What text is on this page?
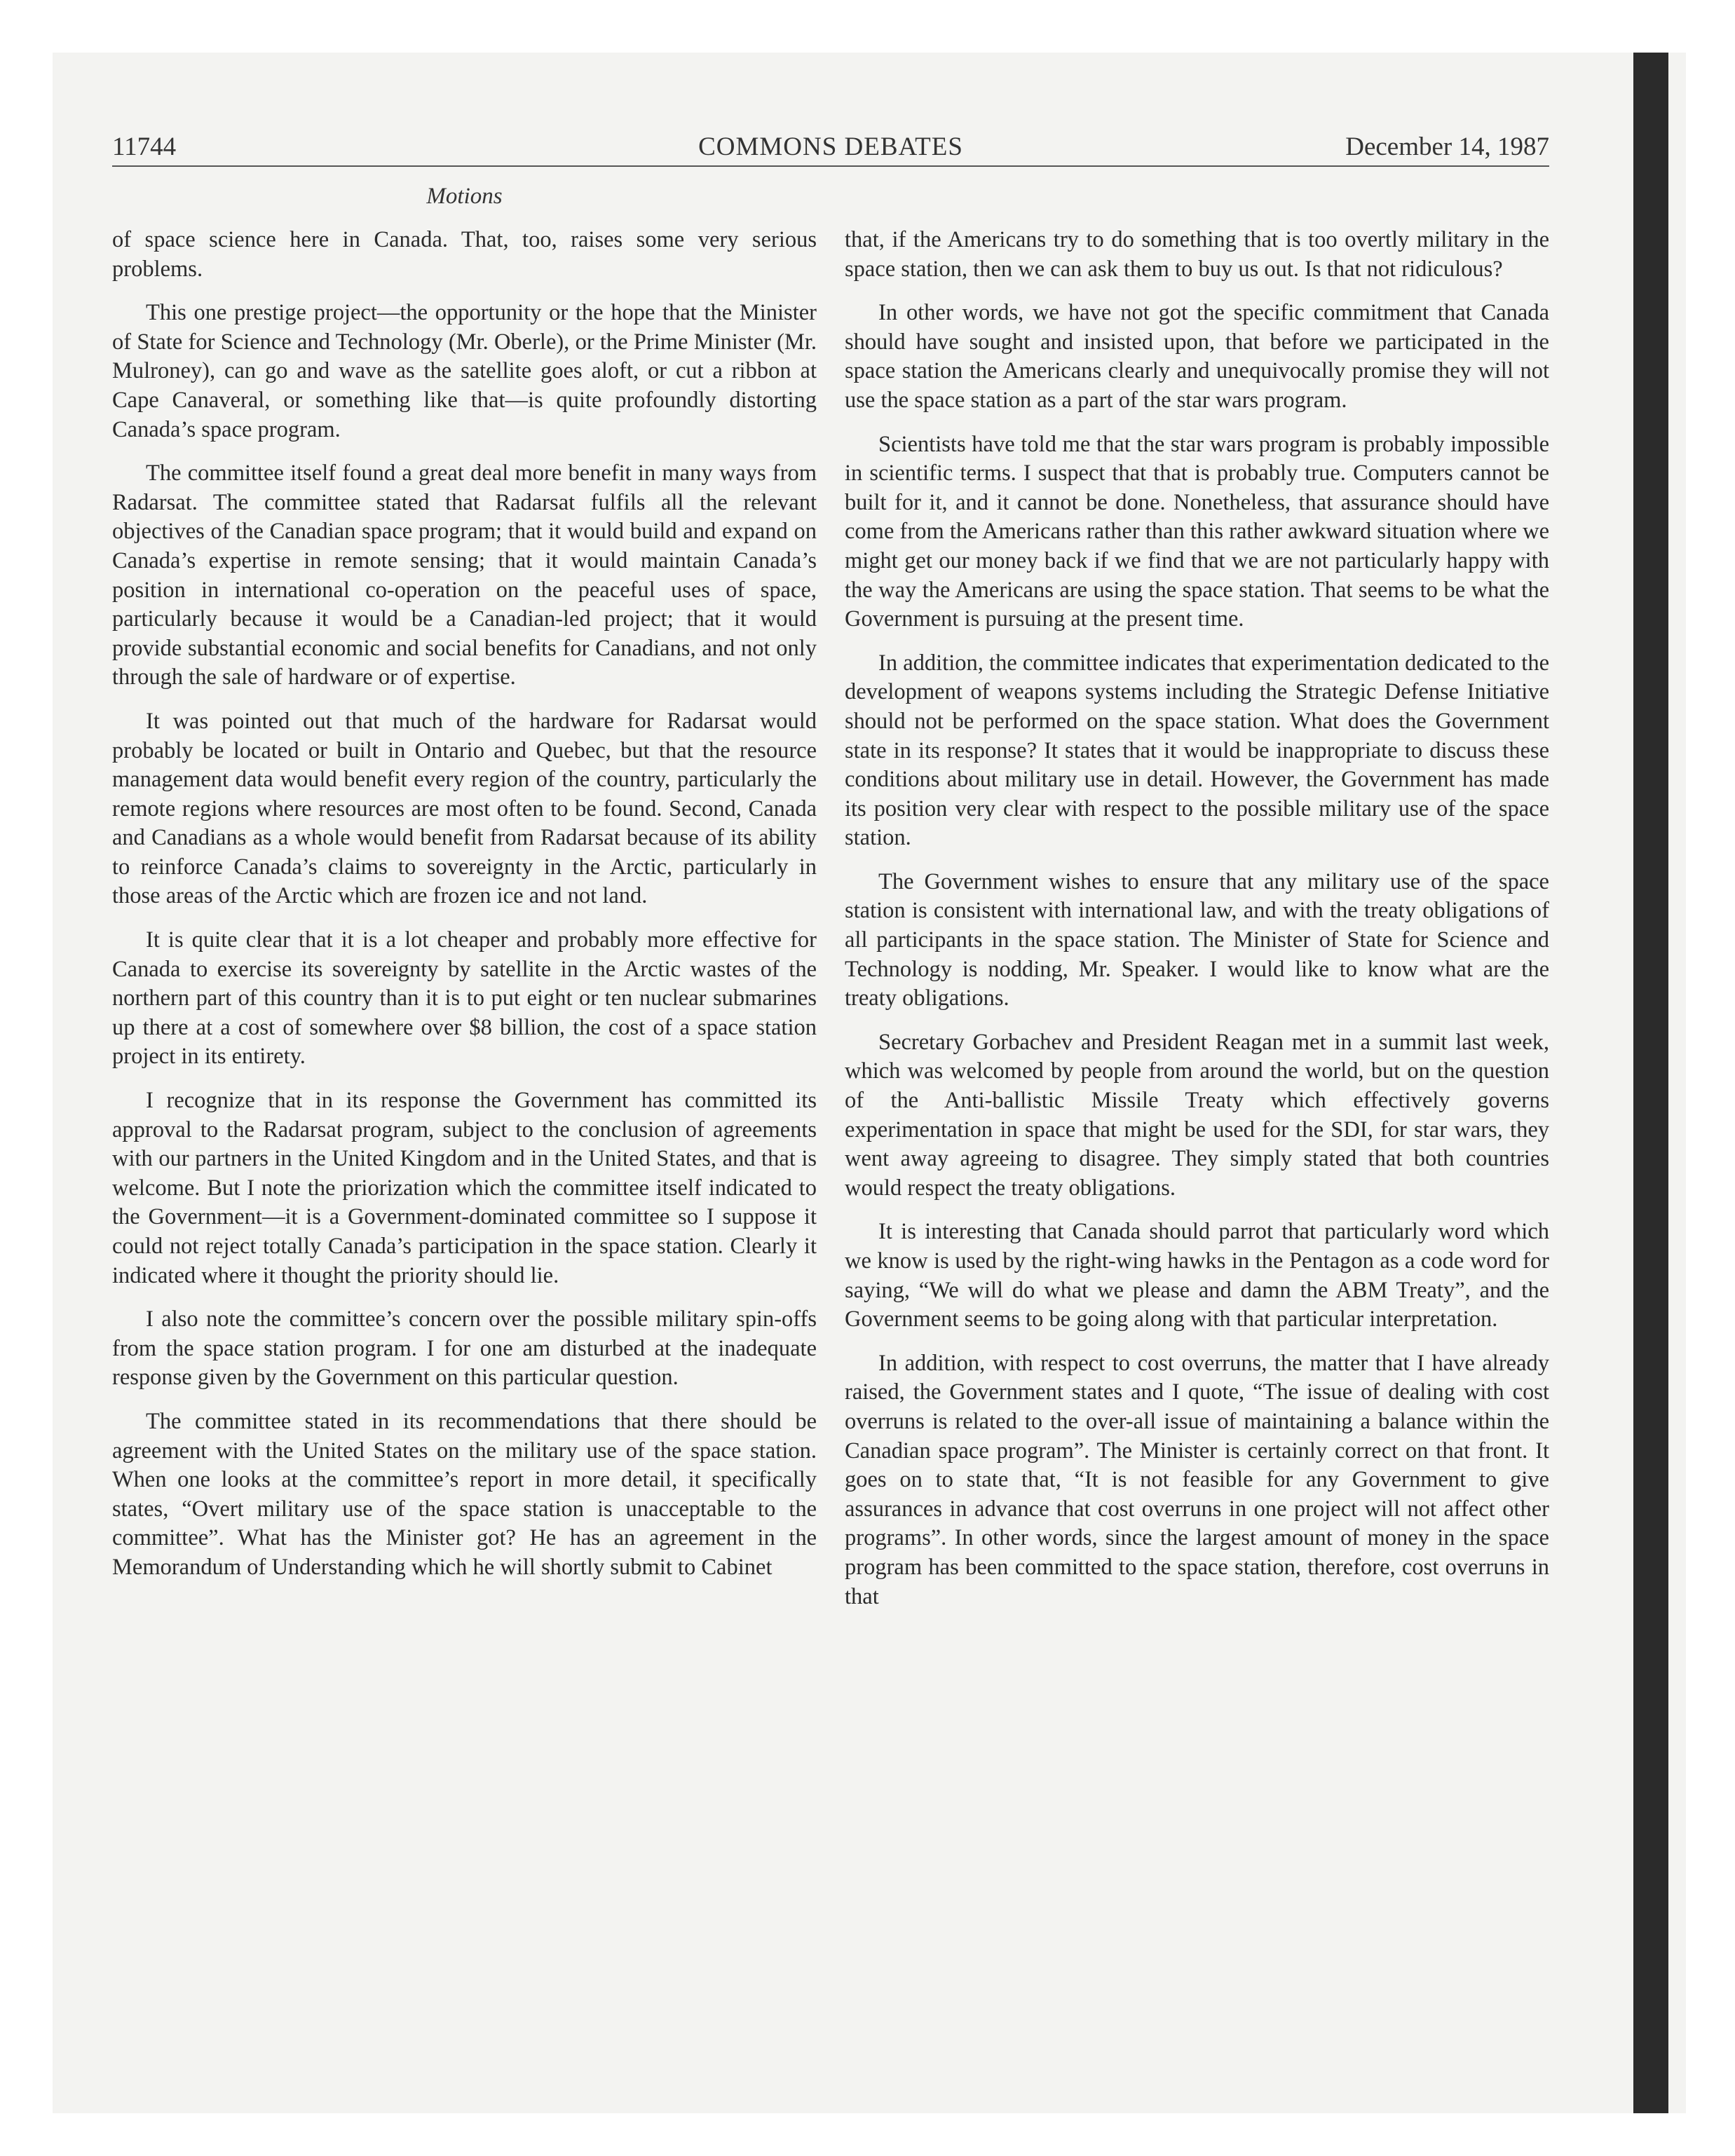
11744	COMMONS DEBATES	December 14, 1987
Motions

of space science here in Canada. That, too, raises some very serious problems.

This one prestige project—the opportunity or the hope that the Minister of State for Science and Technology (Mr. Oberle), or the Prime Minister (Mr. Mulroney), can go and wave as the satellite goes aloft, or cut a ribbon at Cape Canaveral, or something like that—is quite profoundly distorting Canada’s space program.

The committee itself found a great deal more benefit in many ways from Radarsat. The committee stated that Radarsat fulfils all the relevant objectives of the Canadian space program; that it would build and expand on Canada’s expertise in remote sensing; that it would maintain Canada’s position in international co-operation on the peaceful uses of space, particularly because it would be a Canadian-led project; that it would provide substantial economic and social benefits for Canadians, and not only through the sale of hardware or of expertise.

It was pointed out that much of the hardware for Radarsat would probably be located or built in Ontario and Quebec, but that the resource management data would benefit every region of the country, particularly the remote regions where resources are most often to be found. Second, Canada and Canadians as a whole would benefit from Radarsat because of its ability to reinforce Canada’s claims to sovereignty in the Arctic, particularly in those areas of the Arctic which are frozen ice and not land.

It is quite clear that it is a lot cheaper and probably more effective for Canada to exercise its sovereignty by satellite in the Arctic wastes of the northern part of this country than it is to put eight or ten nuclear submarines up there at a cost of somewhere over $8 billion, the cost of a space station project in its entirety.

I recognize that in its response the Government has committed its approval to the Radarsat program, subject to the conclusion of agreements with our partners in the United Kingdom and in the United States, and that is welcome. But I note the priorization which the committee itself indicated to the Government—it is a Government-dominated committee so I suppose it could not reject totally Canada’s participation in the space station. Clearly it indicated where it thought the priority should lie.

I also note the committee’s concern over the possible military spin-offs from the space station program. I for one am disturbed at the inadequate response given by the Government on this particular question.

The committee stated in its recommendations that there should be agreement with the United States on the military use of the space station. When one looks at the committee’s report in more detail, it specifically states, “Overt military use of the space station is unacceptable to the committee”. What has the Minister got? He has an agreement in the Memorandum of Understanding which he will shortly submit to Cabinet

that, if the Americans try to do something that is too overtly military in the space station, then we can ask them to buy us out. Is that not ridiculous?

In other words, we have not got the specific commitment that Canada should have sought and insisted upon, that before we participated in the space station the Americans clearly and unequivocally promise they will not use the space station as a part of the star wars program.

Scientists have told me that the star wars program is probably impossible in scientific terms. I suspect that that is probably true. Computers cannot be built for it, and it cannot be done. Nonetheless, that assurance should have come from the Americans rather than this rather awkward situation where we might get our money back if we find that we are not particularly happy with the way the Americans are using the space station. That seems to be what the Government is pursuing at the present time.

In addition, the committee indicates that experimentation dedicated to the development of weapons systems including the Strategic Defense Initiative should not be performed on the space station. What does the Government state in its response? It states that it would be inappropriate to discuss these conditions about military use in detail. However, the Government has made its position very clear with respect to the possible military use of the space station.

The Government wishes to ensure that any military use of the space station is consistent with international law, and with the treaty obligations of all participants in the space station. The Minister of State for Science and Technology is nodding, Mr. Speaker. I would like to know what are the treaty obligations.

Secretary Gorbachev and President Reagan met in a summit last week, which was welcomed by people from around the world, but on the question of the Anti-ballistic Missile Treaty which effectively governs experimentation in space that might be used for the SDI, for star wars, they went away agreeing to disagree. They simply stated that both countries would respect the treaty obligations.

It is interesting that Canada should parrot that particularly word which we know is used by the right-wing hawks in the Pentagon as a code word for saying, “We will do what we please and damn the ABM Treaty”, and the Government seems to be going along with that particular interpretation.

In addition, with respect to cost overruns, the matter that I have already raised, the Government states and I quote, “The issue of dealing with cost overruns is related to the over-all issue of maintaining a balance within the Canadian space program”. The Minister is certainly correct on that front. It goes on to state that, “It is not feasible for any Government to give assurances in advance that cost overruns in one project will not affect other programs”. In other words, since the largest amount of money in the space program has been committed to the space station, therefore, cost overruns in that
